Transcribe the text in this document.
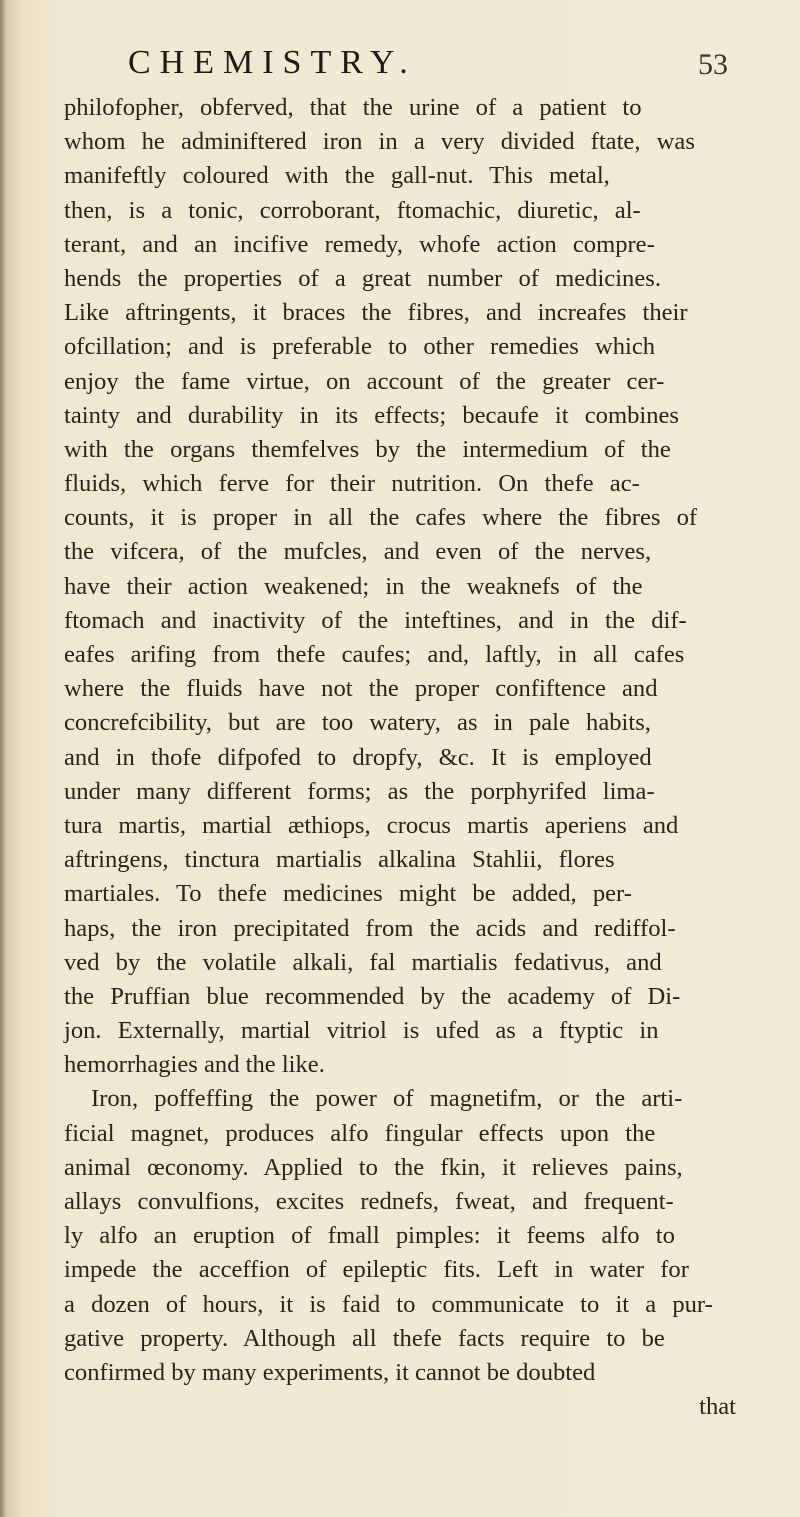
CHEMISTRY.	53
philofopher, obferved, that the urine of a patient to
whom he adminiftered iron in a very divided ftate, was
manifeftly coloured with the gall-nut. This metal,
then, is a tonic, corroborant, ftomachic, diuretic, al-
terant, and an incifive remedy, whofe action compre-
hends the properties of a great number of medicines.
Like aftringents, it braces the fibres, and increafes their
ofcillation; and is preferable to other remedies which
enjoy the fame virtue, on account of the greater cer-
tainty and durability in its effects; becaufe it combines
with the organs themfelves by the intermedium of the
fluids, which ferve for their nutrition. On thefe ac-
counts, it is proper in all the cafes where the fibres of
the vifcera, of the mufcles, and even of the nerves,
have their action weakened; in the weaknefs of the
ftomach and inactivity of the inteftines, and in the dif-
eafes arifing from thefe caufes; and, laftly, in all cafes
where the fluids have not the proper confiftence and
concrefcibility, but are too watery, as in pale habits,
and in thofe difpofed to dropfy, &c. It is employed
under many different forms; as the porphyrifed lima-
tura martis, martial æthiops, crocus martis aperiens and
aftringens, tinctura martialis alkalina Stahlii, flores
martiales. To thefe medicines might be added, per-
haps, the iron precipitated from the acids and rediffol-
ved by the volatile alkali, fal martialis fedativus, and
the Pruffian blue recommended by the academy of Di-
jon. Externally, martial vitriol is ufed as a ftyptic in
hemorrhagies and the like.
Iron, poffeffing the power of magnetifm, or the arti-
ficial magnet, produces alfo fingular effects upon the
animal œconomy. Applied to the fkin, it relieves pains,
allays convulfions, excites rednefs, fweat, and frequent-
ly alfo an eruption of fmall pimples: it feems alfo to
impede the acceffion of epileptic fits. Left in water for
a dozen of hours, it is faid to communicate to it a pur-
gative property. Although all thefe facts require to be
confirmed by many experiments, it cannot be doubted
that
